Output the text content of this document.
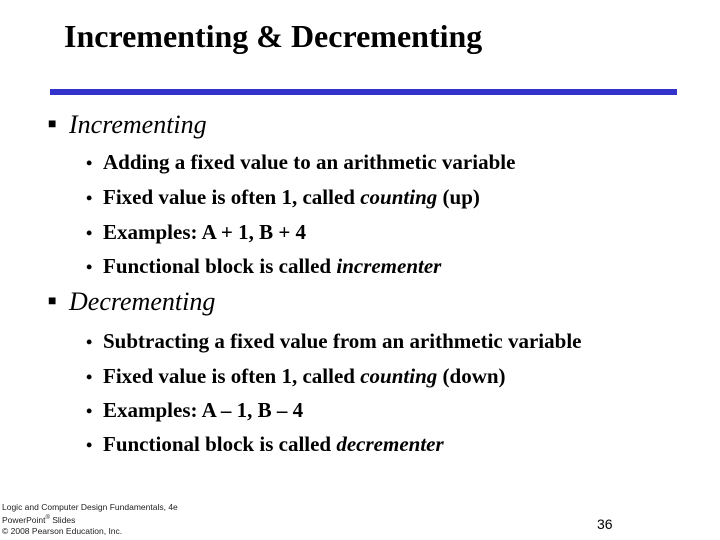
Incrementing & Decrementing
■ Incrementing
• Adding a fixed value to an arithmetic variable
• Fixed value is often 1, called counting (up)
• Examples: A + 1, B + 4
• Functional block is called incrementer
■ Decrementing
• Subtracting a fixed value from an arithmetic variable
• Fixed value is often 1, called counting (down)
• Examples: A – 1, B – 4
• Functional block is called decrementer
Logic and Computer Design Fundamentals, 4e
PowerPoint® Slides
© 2008 Pearson Education, Inc.	36
